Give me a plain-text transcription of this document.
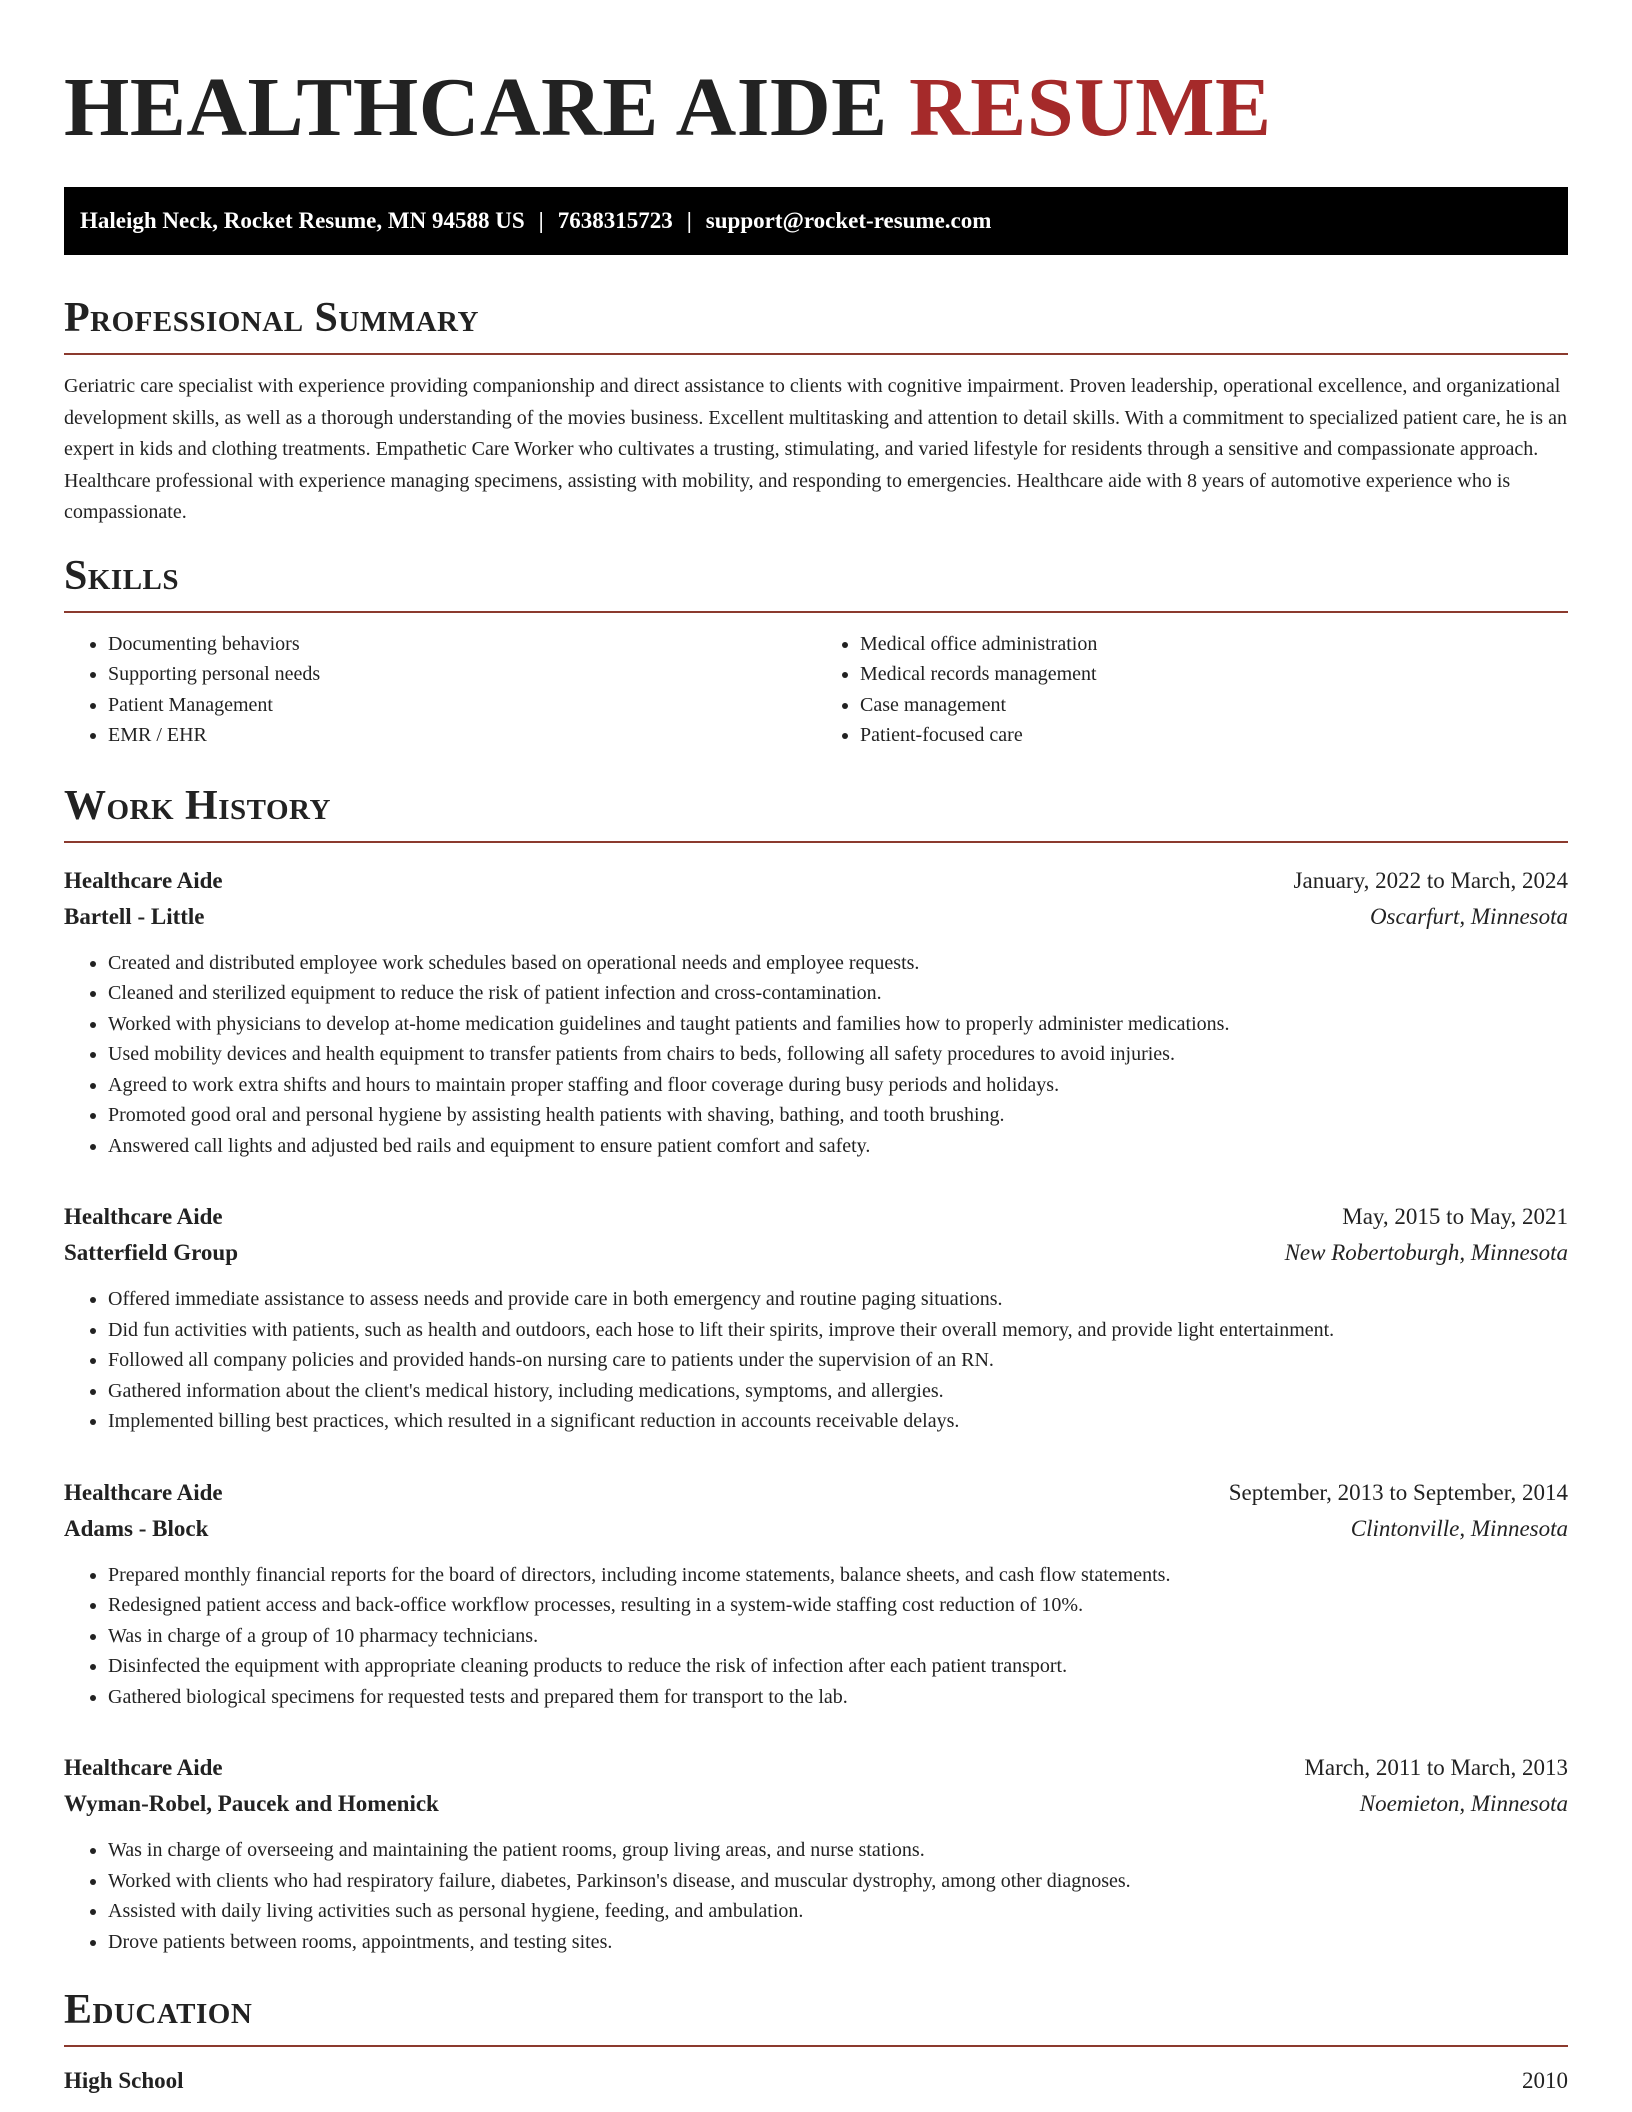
HEALTHCARE AIDE RESUME
Haleigh Neck, Rocket Resume, MN 94588 US | 7638315723 | support@rocket-resume.com
Professional Summary

Geriatric care specialist with experience providing companionship and direct assistance to clients with cognitive impairment. Proven leadership, operational excellence, and organizational development skills, as well as a thorough understanding of the movies business. Excellent multitasking and attention to detail skills. With a commitment to specialized patient care, he is an expert in kids and clothing treatments. Empathetic Care Worker who cultivates a trusting, stimulating, and varied lifestyle for residents through a sensitive and compassionate approach. Healthcare professional with experience managing specimens, assisting with mobility, and responding to emergencies. Healthcare aide with 8 years of automotive experience who is compassionate.

Skills
• Documenting behaviors
• Supporting personal needs
• Patient Management
• EMR / EHR
• Medical office administration
• Medical records management
• Case management
• Patient-focused care
Work History
Healthcare Aide	January, 2022 to March, 2024
Bartell - Little	Oscarfurt, Minnesota
• Created and distributed employee work schedules based on operational needs and employee requests.
• Cleaned and sterilized equipment to reduce the risk of patient infection and cross-contamination.
• Worked with physicians to develop at-home medication guidelines and taught patients and families how to properly administer medications.
• Used mobility devices and health equipment to transfer patients from chairs to beds, following all safety procedures to avoid injuries.
• Agreed to work extra shifts and hours to maintain proper staffing and floor coverage during busy periods and holidays.
• Promoted good oral and personal hygiene by assisting health patients with shaving, bathing, and tooth brushing.
• Answered call lights and adjusted bed rails and equipment to ensure patient comfort and safety.
Healthcare Aide	May, 2015 to May, 2021
Satterfield Group	New Robertoburgh, Minnesota
• Offered immediate assistance to assess needs and provide care in both emergency and routine paging situations.
• Did fun activities with patients, such as health and outdoors, each hose to lift their spirits, improve their overall memory, and provide light entertainment.
• Followed all company policies and provided hands-on nursing care to patients under the supervision of an RN.
• Gathered information about the client's medical history, including medications, symptoms, and allergies.
• Implemented billing best practices, which resulted in a significant reduction in accounts receivable delays.
Healthcare Aide	September, 2013 to September, 2014
Adams - Block	Clintonville, Minnesota
• Prepared monthly financial reports for the board of directors, including income statements, balance sheets, and cash flow statements.
• Redesigned patient access and back-office workflow processes, resulting in a system-wide staffing cost reduction of 10%.
• Was in charge of a group of 10 pharmacy technicians.
• Disinfected the equipment with appropriate cleaning products to reduce the risk of infection after each patient transport.
• Gathered biological specimens for requested tests and prepared them for transport to the lab.
Healthcare Aide	March, 2011 to March, 2013
Wyman-Robel, Paucek and Homenick	Noemieton, Minnesota
• Was in charge of overseeing and maintaining the patient rooms, group living areas, and nurse stations.
• Worked with clients who had respiratory failure, diabetes, Parkinson's disease, and muscular dystrophy, among other diagnoses.
• Assisted with daily living activities such as personal hygiene, feeding, and ambulation.
• Drove patients between rooms, appointments, and testing sites.
Education
High School	2010
